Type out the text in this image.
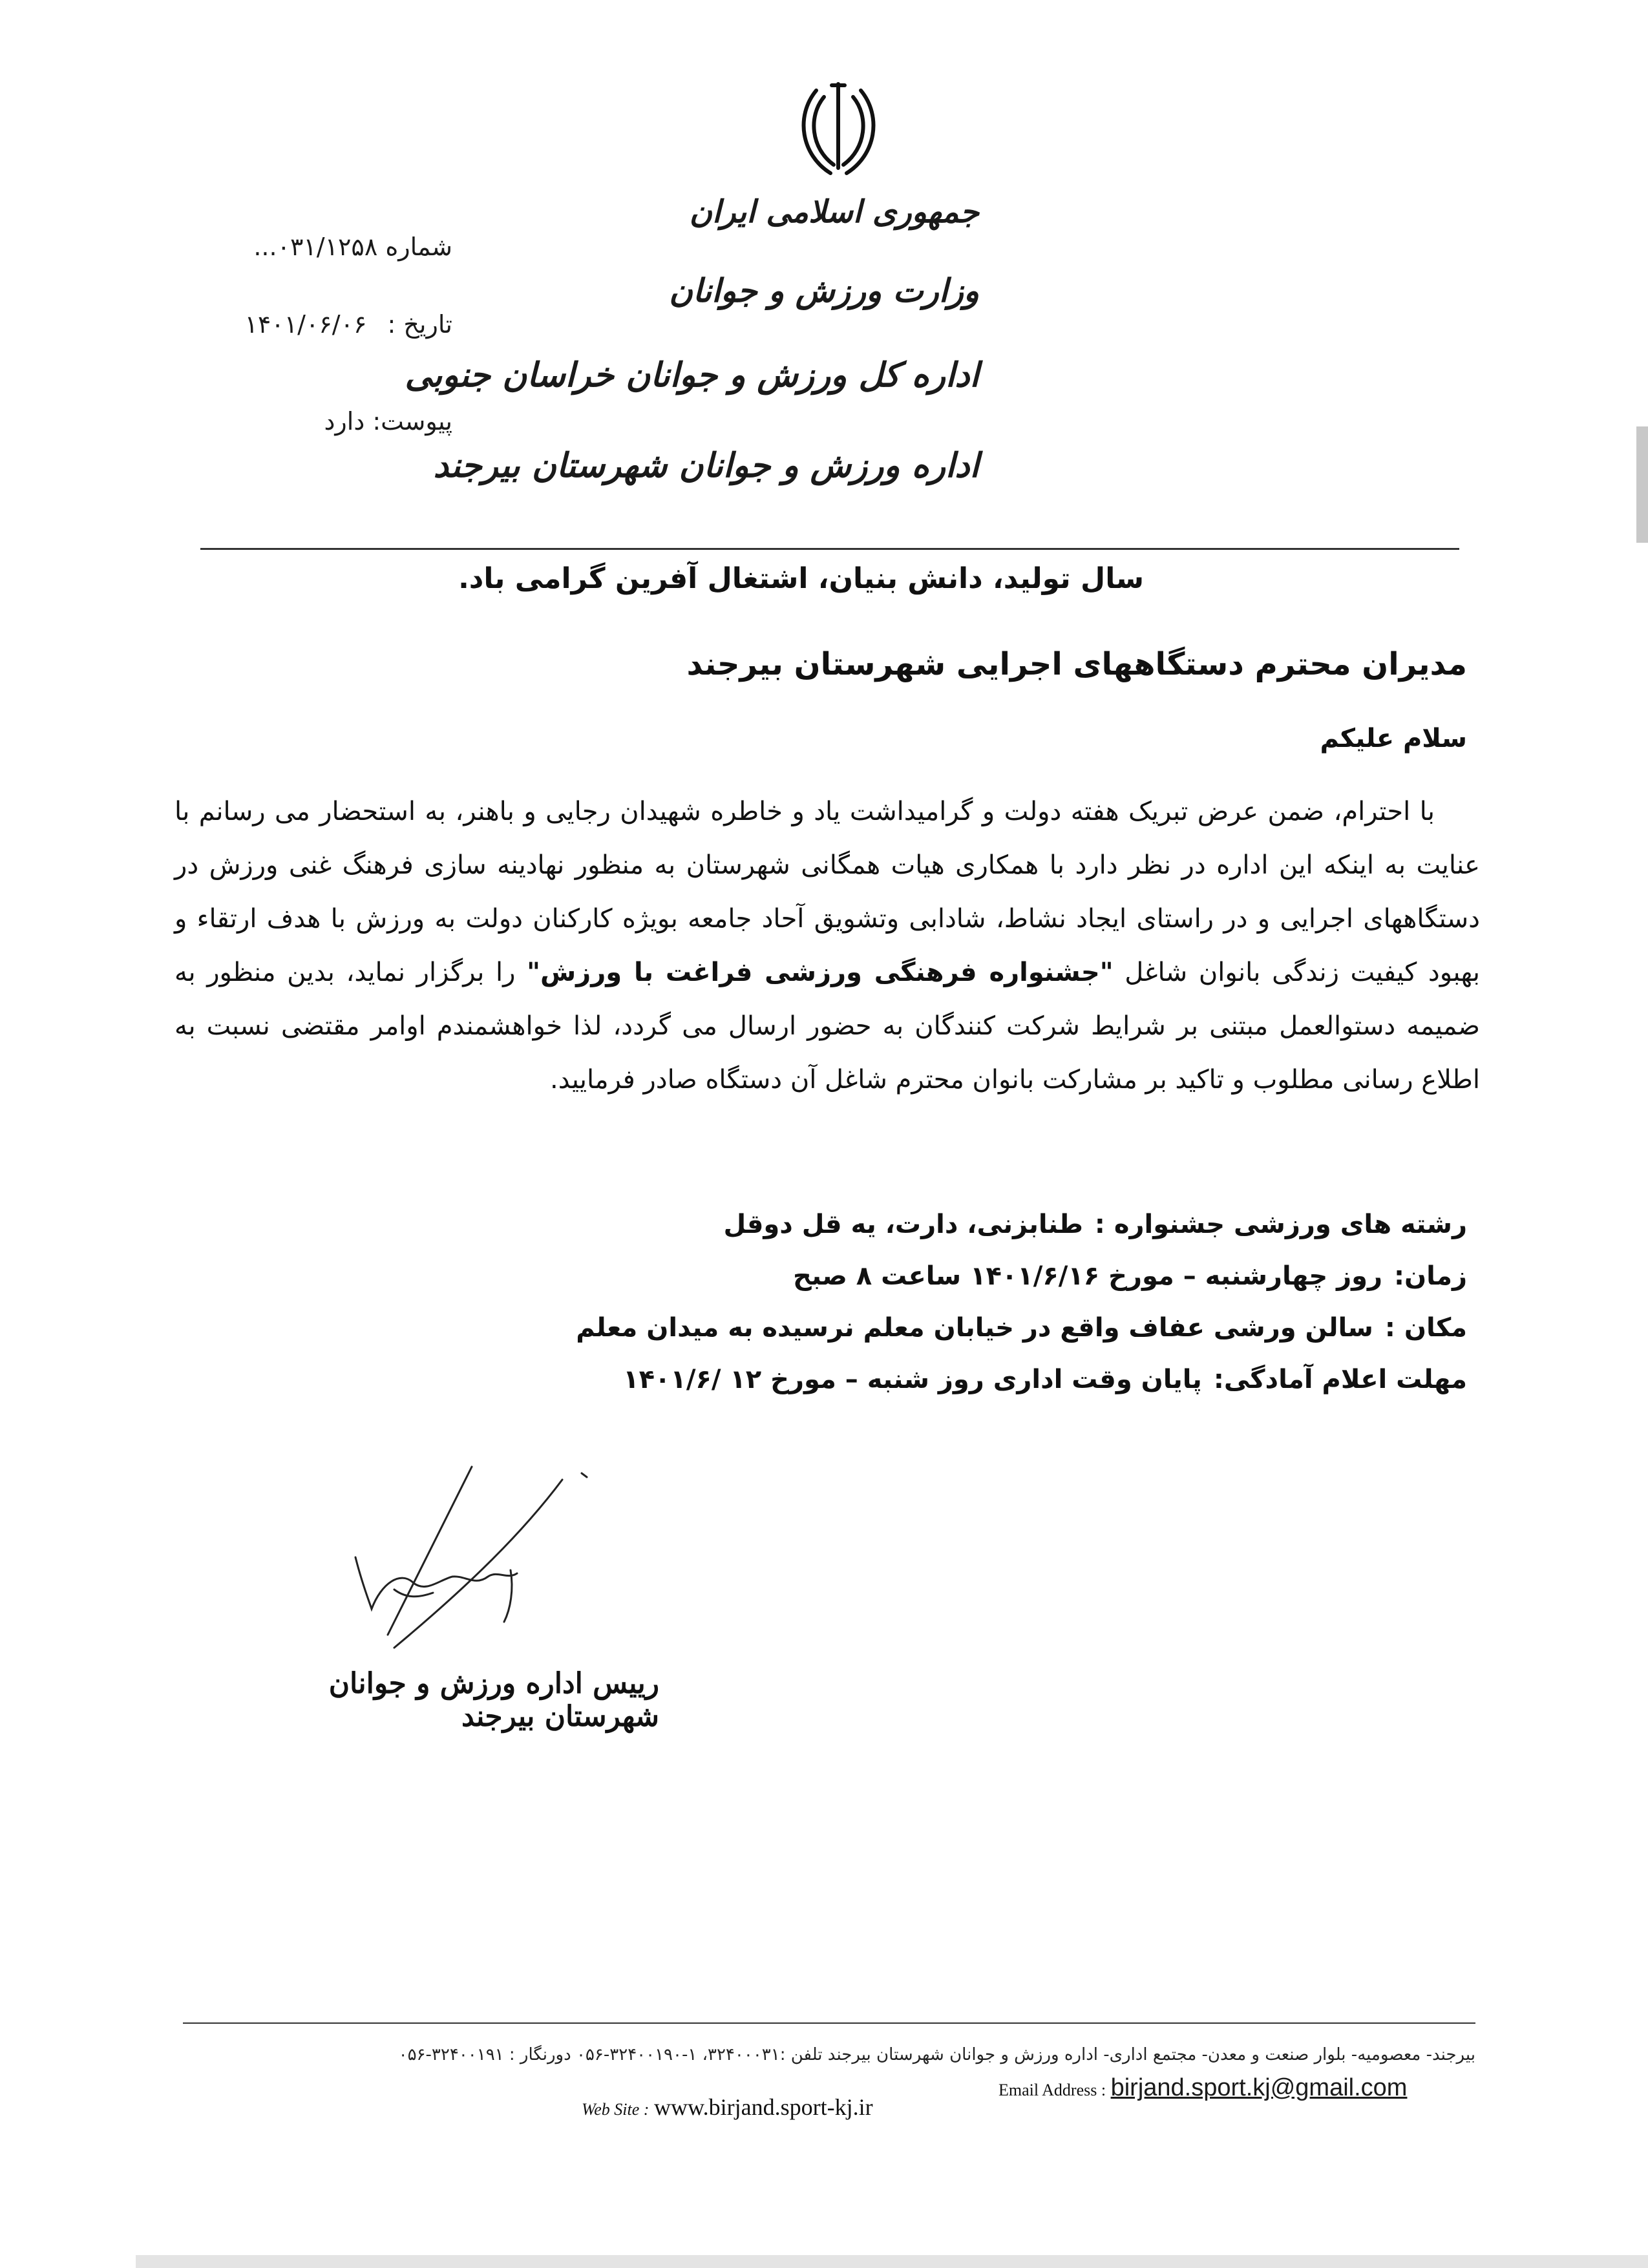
جمهوری اسلامی ایران
وزارت ورزش و جوانان
اداره کل ورزش و جوانان خراسان جنوبی
اداره ورزش و جوانان شهرستان بیرجند
شماره ۰۳۱/۱۲۵۸...
تاریخ : ۱۴۰۱/۰۶/۰۶
پیوست: دارد
سال تولید، دانش بنیان، اشتغال آفرین گرامی باد.
مدیران محترم دستگاههای اجرایی شهرستان بیرجند
سلام علیکم
با احترام، ضمن عرض تبریک هفته دولت و گرامیداشت یاد و خاطره شهیدان رجایی و باهنر، به استحضار می رسانم با عنایت به اینکه این اداره در نظر دارد با همکاری هیات همگانی شهرستان به منظور نهادینه سازی فرهنگ غنی ورزش در دستگاههای اجرایی و در راستای ایجاد نشاط، شادابی وتشویق آحاد جامعه بویژه کارکنان دولت به ورزش با هدف ارتقاء و بهبود کیفیت زندگی بانوان شاغل "جشنواره فرهنگی ورزشی فراغت با ورزش" را برگزار نماید، بدین منظور به ضمیمه دستوالعمل مبتنی بر شرایط شرکت کنندگان به حضور ارسال می گردد، لذا خواهشمندم اوامر مقتضی نسبت به اطلاع رسانی مطلوب و تاکید بر مشارکت بانوان محترم شاغل آن دستگاه صادر فرمایید.
رشته های ورزشی جشنواره :طنابزنی، دارت، یه قل دوقل
زمان:روز چهارشنبه – مورخ ۱۴۰۱/۶/۱۶ ساعت ۸ صبح
مکان :سالن ورشی عفاف واقع در خیابان معلم نرسیده به میدان معلم
مهلت اعلام آمادگی:پایان وقت اداری روز شنبه – مورخ ۱۲ /۱۴۰۱/۶
رییس اداره ورزش و جوانان شهرستان بیرجند
بیرجند- معصومیه- بلوار صنعت و معدن- مجتمع اداری- اداره ورزش و جوانان شهرستان بیرجند تلفن :۳۲۴۰۰۰۳۱، ۱-۳۲۴۰۰۱۹۰-۰۵۶ دورنگار : ۳۲۴۰۰۱۹۱-۰۵۶
Web Site : www.birjand.sport-kj.ir
Email Address : birjand.sport.kj@gmail.com
